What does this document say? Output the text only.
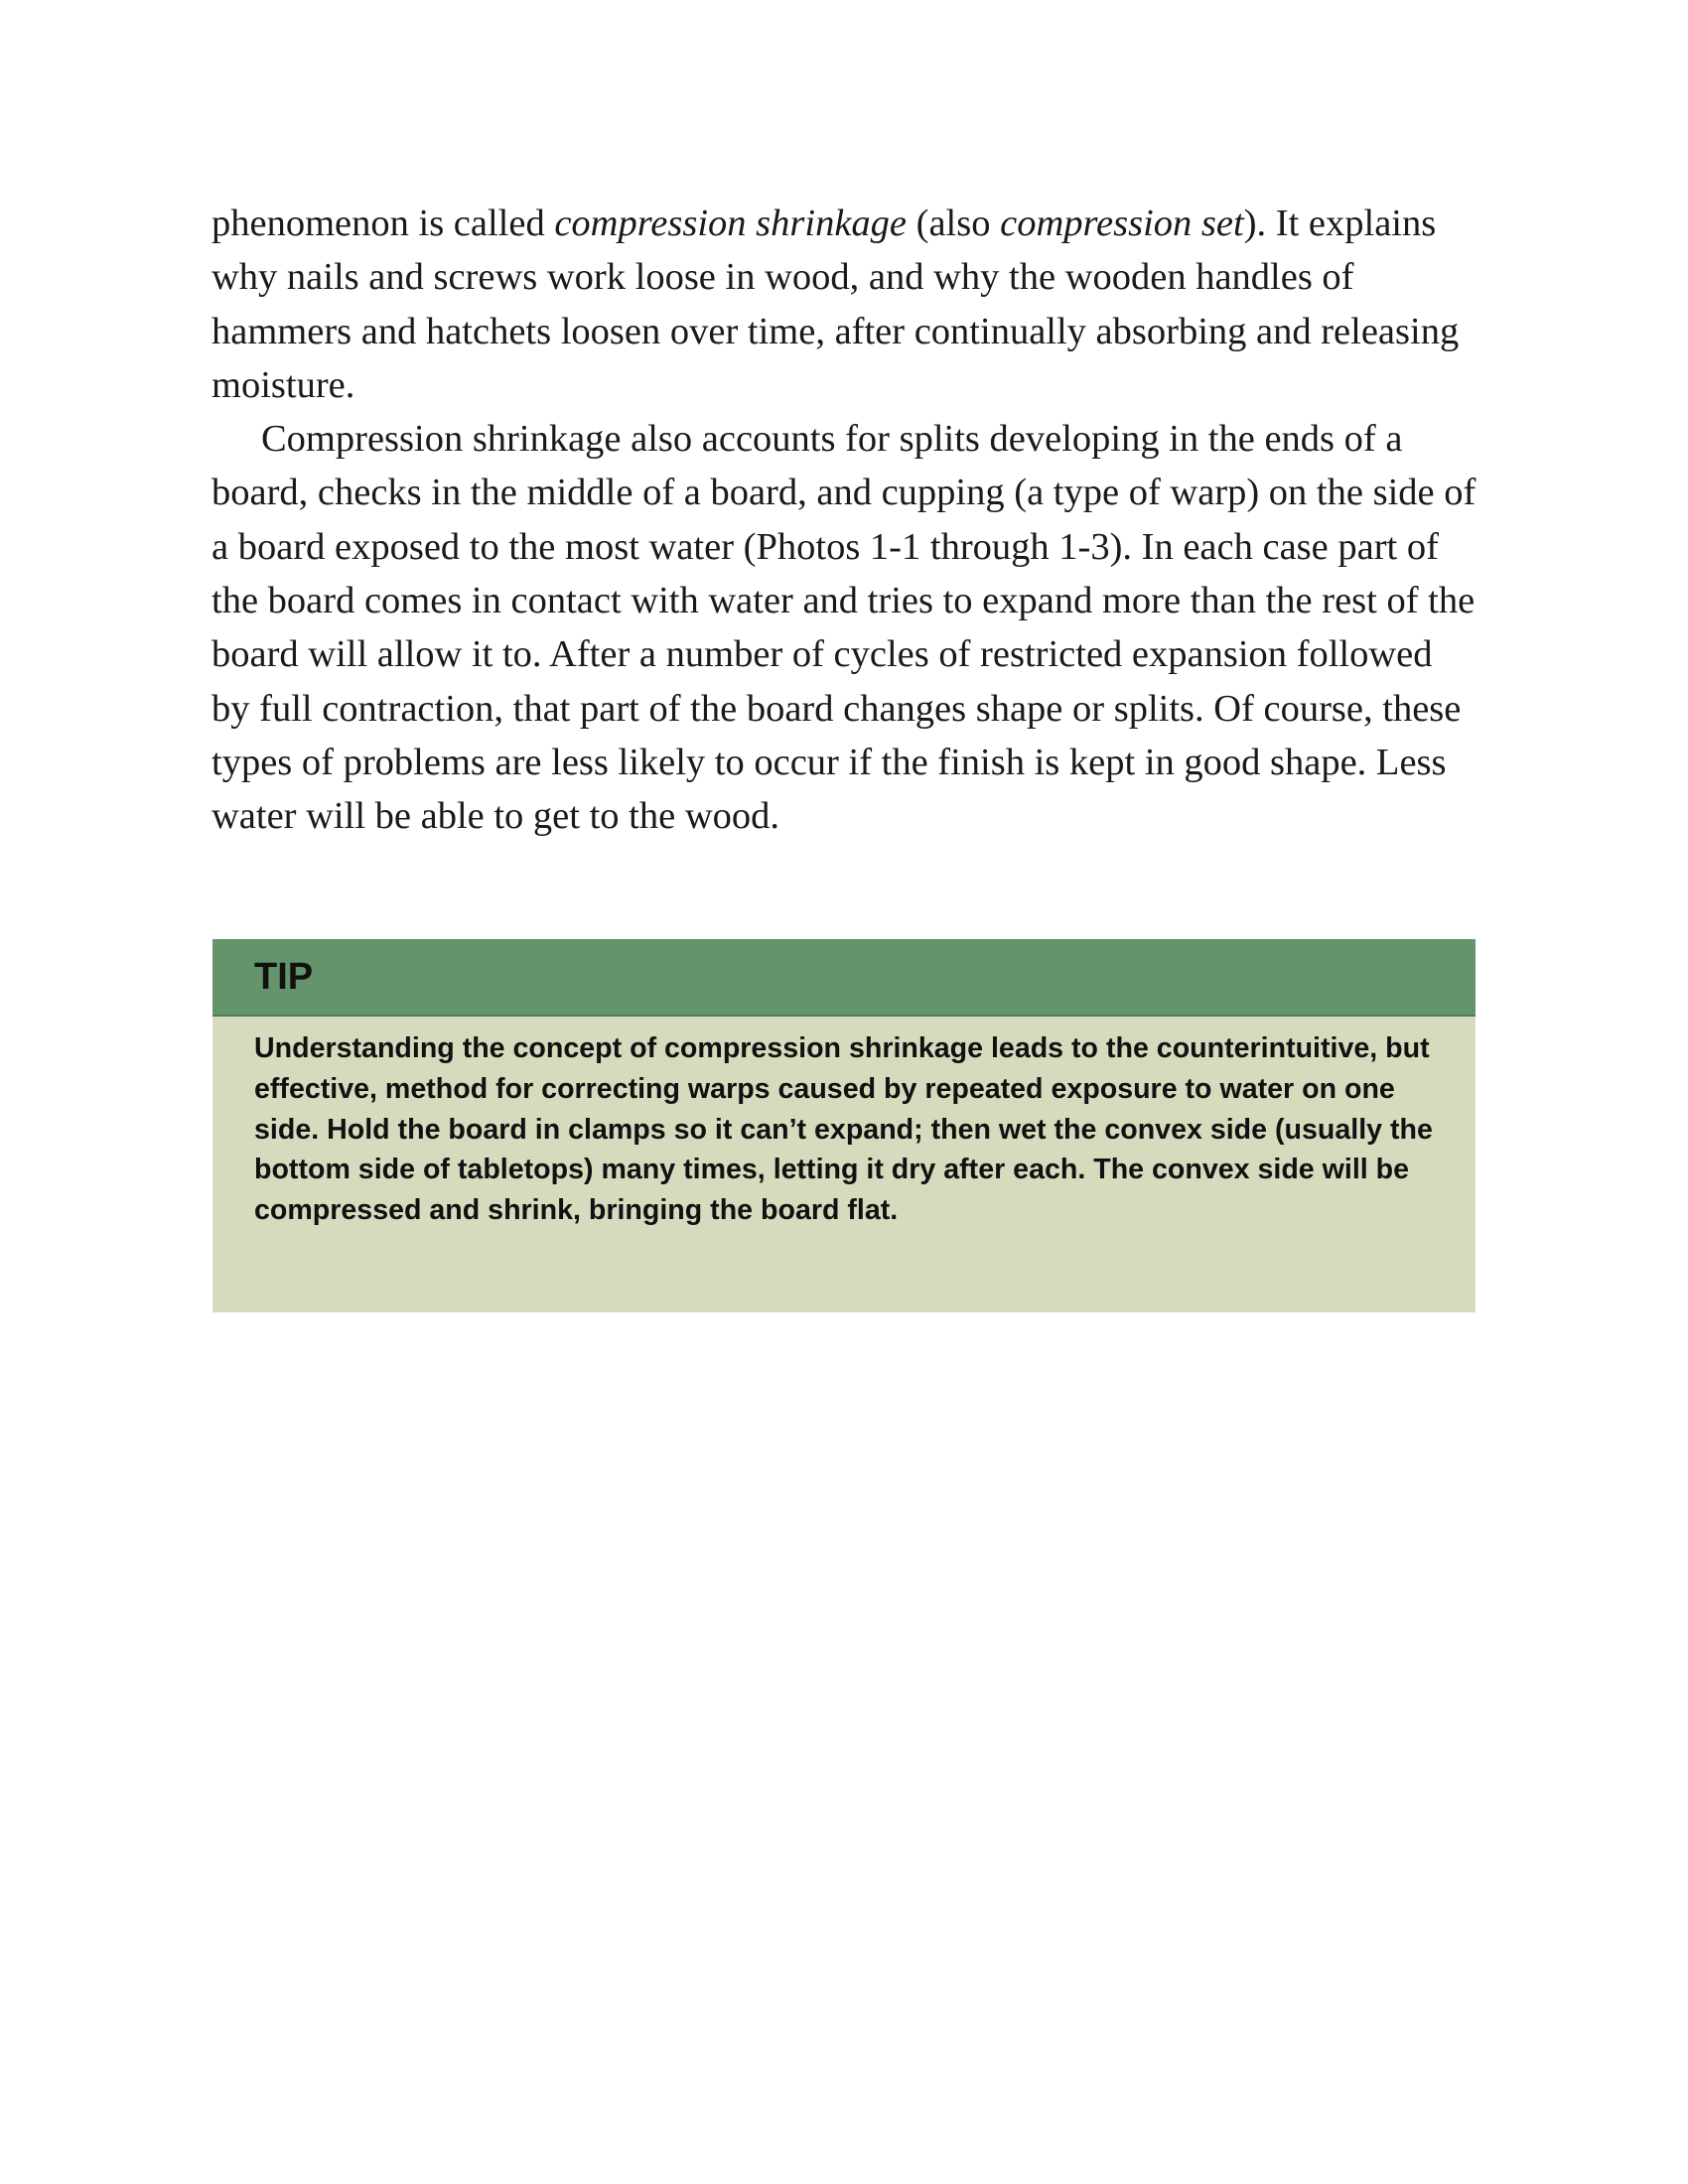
phenomenon is called compression shrinkage (also compression set). It explains why nails and screws work loose in wood, and why the wooden handles of hammers and hatchets loosen over time, after continually absorbing and releasing moisture.

Compression shrinkage also accounts for splits developing in the ends of a board, checks in the middle of a board, and cupping (a type of warp) on the side of a board exposed to the most water (Photos 1-1 through 1-3). In each case part of the board comes in contact with water and tries to expand more than the rest of the board will allow it to. After a number of cycles of restricted expansion followed by full contraction, that part of the board changes shape or splits. Of course, these types of problems are less likely to occur if the finish is kept in good shape. Less water will be able to get to the wood.

TIP

Understanding the concept of compression shrinkage leads to the counterintuitive, but effective, method for correcting warps caused by repeated exposure to water on one side. Hold the board in clamps so it can’t expand; then wet the convex side (usually the bottom side of tabletops) many times, letting it dry after each. The convex side will be compressed and shrink, bringing the board flat.
